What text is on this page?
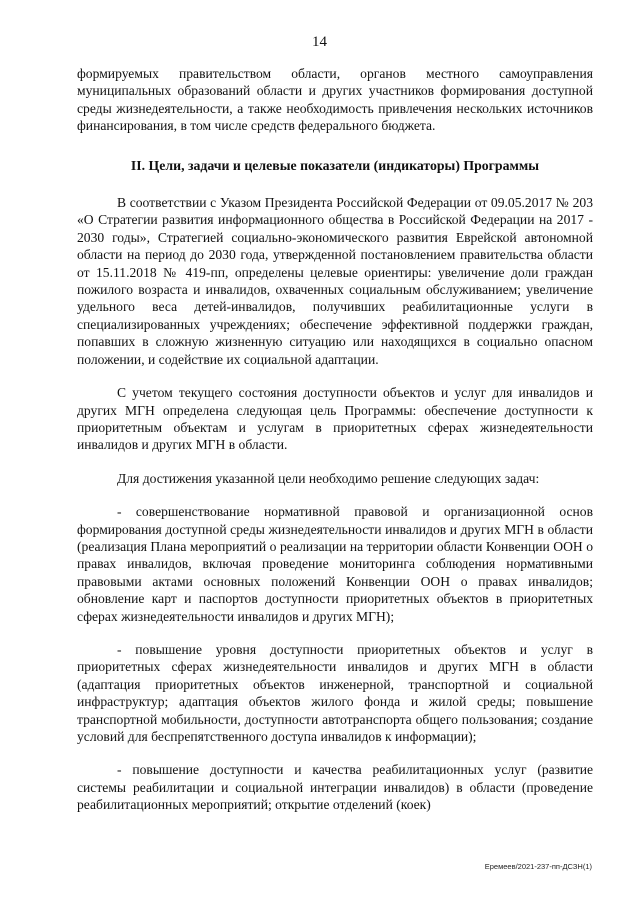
14

формируемых правительством области, органов местного самоуправления муниципальных образований области и других участников формирования доступной среды жизнедеятельности, а также необходимость привлечения нескольких источников финансирования, в том числе средств федерального бюджета.

II. Цели, задачи и целевые показатели (индикаторы) Программы

В соответствии с Указом Президента Российской Федерации от 09.05.2017 № 203 «О Стратегии развития информационного общества в Российской Федерации на 2017 - 2030 годы», Стратегией социально-экономического развития Еврейской автономной области на период до 2030 года, утвержденной постановлением правительства области от 15.11.2018 № 419-пп, определены целевые ориентиры: увеличение доли граждан пожилого возраста и инвалидов, охваченных социальным обслуживанием; увеличение удельного веса детей-инвалидов, получивших реабилитационные услуги в специализированных учреждениях; обеспечение эффективной поддержки граждан, попавших в сложную жизненную ситуацию или находящихся в социально опасном положении, и содействие их социальной адаптации.

С учетом текущего состояния доступности объектов и услуг для инвалидов и других МГН определена следующая цель Программы: обеспечение доступности к приоритетным объектам и услугам в приоритетных сферах жизнедеятельности инвалидов и других МГН в области.

Для достижения указанной цели необходимо решение следующих задач:

- совершенствование нормативной правовой и организационной основ формирования доступной среды жизнедеятельности инвалидов и других МГН в области (реализация Плана мероприятий о реализации на территории области Конвенции ООН о правах инвалидов, включая проведение мониторинга соблюдения нормативными правовыми актами основных положений Конвенции ООН о правах инвалидов; обновление карт и паспортов доступности приоритетных объектов в приоритетных сферах жизнедеятельности инвалидов и других МГН);

- повышение уровня доступности приоритетных объектов и услуг в приоритетных сферах жизнедеятельности инвалидов и других МГН в области (адаптация приоритетных объектов инженерной, транспортной и социальной инфраструктур; адаптация объектов жилого фонда и жилой среды; повышение транспортной мобильности, доступности автотранспорта общего пользования; создание условий для беспрепятственного доступа инвалидов к информации);

- повышение доступности и качества реабилитационных услуг (развитие системы реабилитации и социальной интеграции инвалидов) в области (проведение реабилитационных мероприятий; открытие отделений (коек)

Еремеев/2021-237-пп-ДСЗН(1)
